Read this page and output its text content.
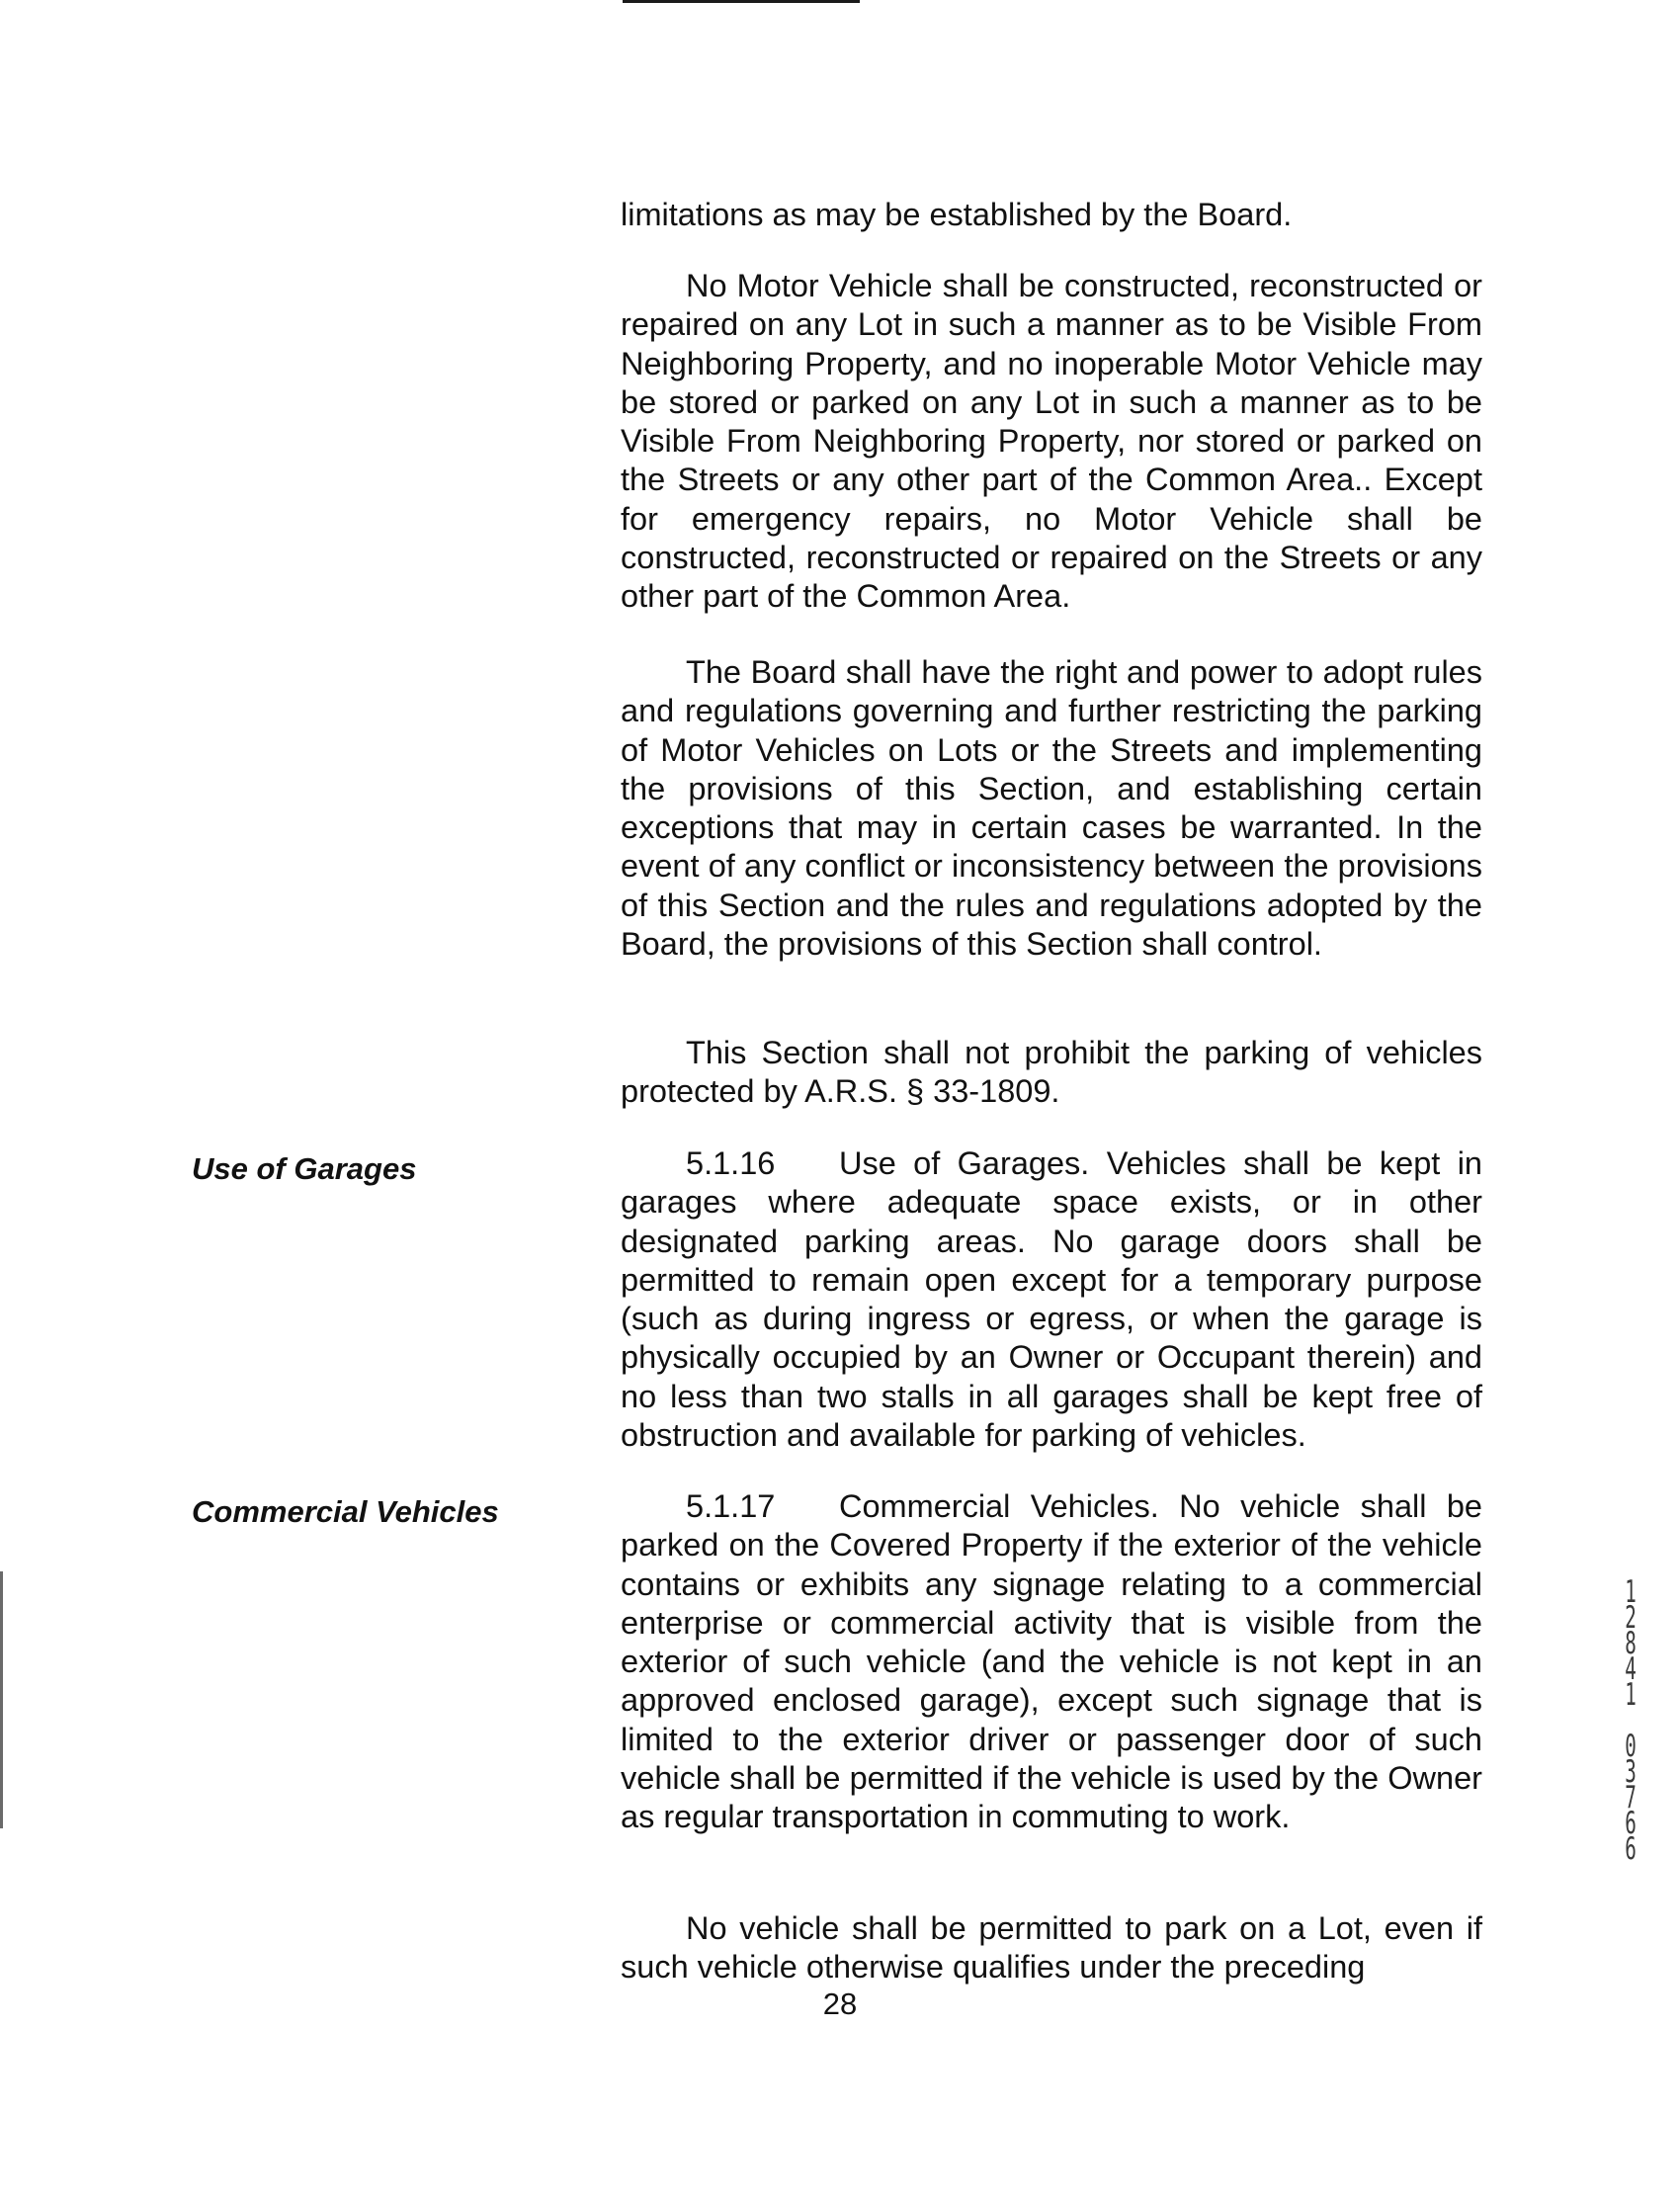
limitations as may be established by the Board.

No Motor Vehicle shall be constructed, reconstructed or repaired on any Lot in such a manner as to be Visible From Neighboring Property, and no inoperable Motor Vehicle may be stored or parked on any Lot in such a manner as to be Visible From Neighboring Property, nor stored or parked on the Streets or any other part of the Common Area.. Except for emergency repairs, no Motor Vehicle shall be constructed, reconstructed or repaired on the Streets or any other part of the Common Area.

The Board shall have the right and power to adopt rules and regulations governing and further restricting the parking of Motor Vehicles on Lots or the Streets and implementing the provisions of this Section, and establishing certain exceptions that may in certain cases be warranted. In the event of any conflict or inconsistency between the provisions of this Section and the rules and regulations adopted by the Board, the provisions of this Section shall control.

This Section shall not prohibit the parking of vehicles protected by A.R.S. § 33-1809.

Use of Garages	5.1.16 Use of Garages. Vehicles shall be kept in garages where adequate space exists, or in other designated parking areas. No garage doors shall be permitted to remain open except for a temporary purpose (such as during ingress or egress, or when the garage is physically occupied by an Owner or Occupant therein) and no less than two stalls in all garages shall be kept free of obstruction and available for parking of vehicles.

Commercial Vehicles	5.1.17 Commercial Vehicles. No vehicle shall be parked on the Covered Property if the exterior of the vehicle contains or exhibits any signage relating to a commercial enterprise or commercial activity that is visible from the exterior of such vehicle (and the vehicle is not kept in an approved enclosed garage), except such signage that is limited to the exterior driver or passenger door of such vehicle shall be permitted if the vehicle is used by the Owner as regular transportation in commuting to work.

No vehicle shall be permitted to park on a Lot, even if such vehicle otherwise qualifies under the preceding

28

1
2
8
4
1
0
3
7
6
6
